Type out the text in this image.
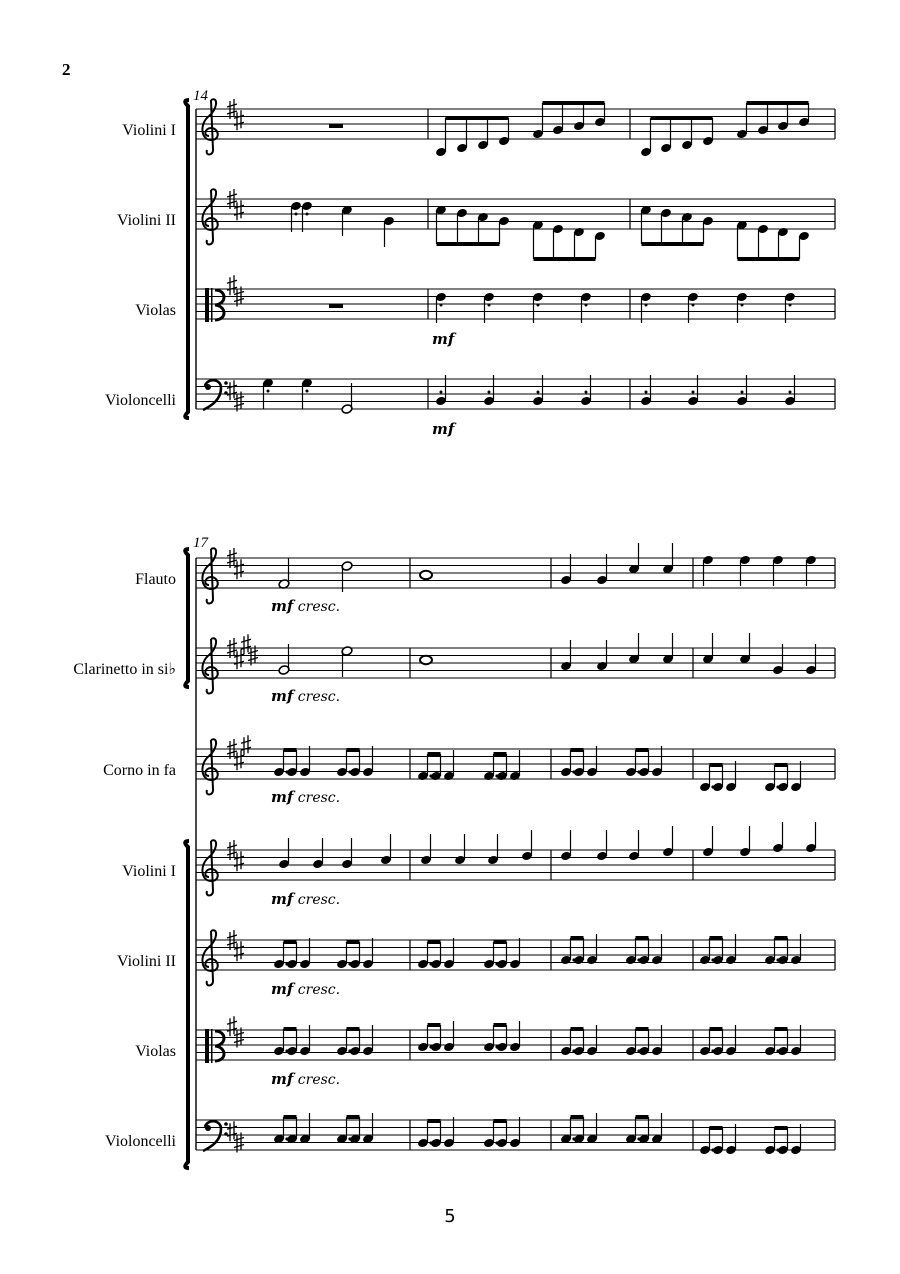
2
5
14
17
Violini I
Violini II
Violas
Violoncelli
Flauto
Clarinetto in si♭
Corno in fa
Violini I
Violini II
Violas
Violoncelli
mf
mf
mf cresc.
mf cresc.
mf cresc.
mf cresc.
mf cresc.
mf cresc.
